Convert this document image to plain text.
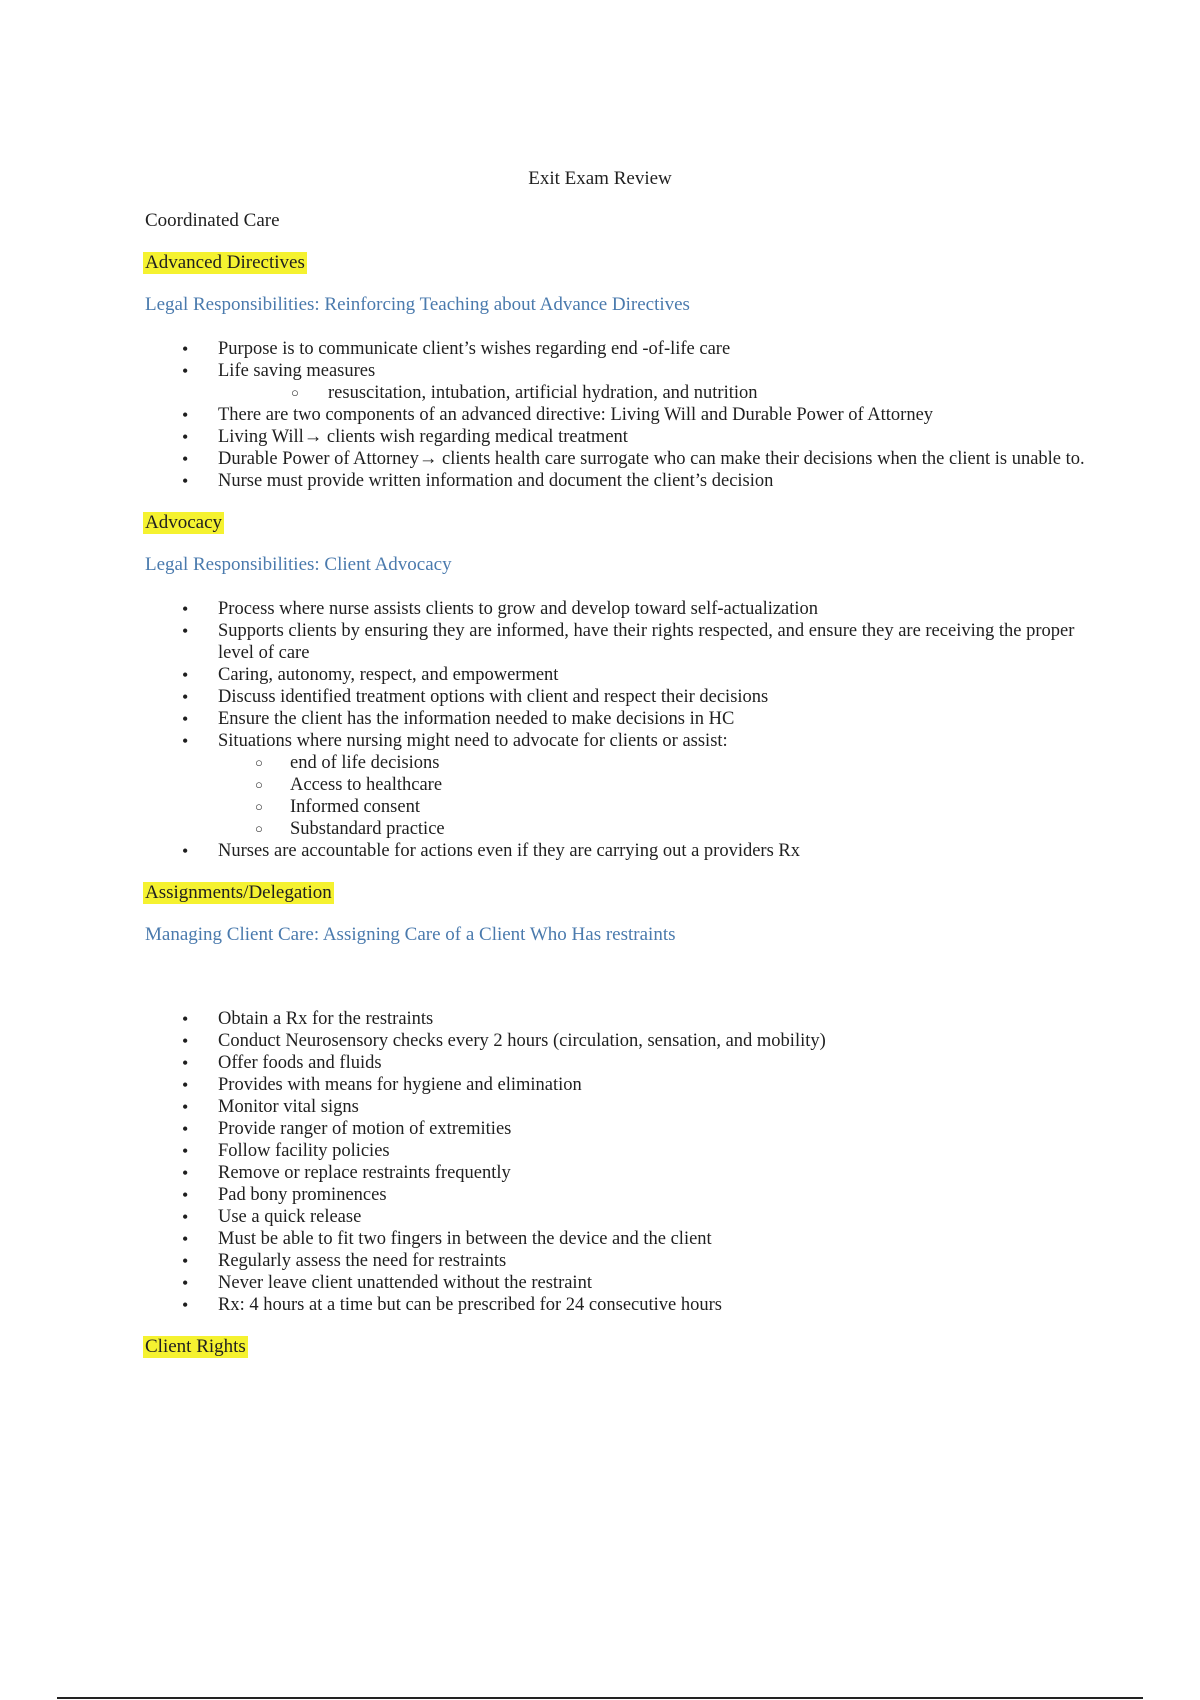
Exit Exam Review
Coordinated Care
Advanced Directives
Legal Responsibilities: Reinforcing Teaching about Advance Directives
• Purpose is to communicate client’s wishes regarding end -of-life care
• Life saving measures
○ resuscitation, intubation, artificial hydration, and nutrition
• There are two components of an advanced directive: Living Will and Durable Power of Attorney
• Living Will→ clients wish regarding medical treatment
• Durable Power of Attorney→ clients health care surrogate who can make their decisions when the client is unable to.
• Nurse must provide written information and document the client’s decision
Advocacy
Legal Responsibilities: Client Advocacy
• Process where nurse assists clients to grow and develop toward self-actualization
• Supports clients by ensuring they are informed, have their rights respected, and ensure they are receiving the proper level of care
• Caring, autonomy, respect, and empowerment
• Discuss identified treatment options with client and respect their decisions
• Ensure the client has the information needed to make decisions in HC
• Situations where nursing might need to advocate for clients or assist:
○ end of life decisions
○ Access to healthcare
○ Informed consent
○ Substandard practice
• Nurses are accountable for actions even if they are carrying out a providers Rx
Assignments/Delegation
Managing Client Care: Assigning Care of a Client Who Has restraints
• Obtain a Rx for the restraints
• Conduct Neurosensory checks every 2 hours (circulation, sensation, and mobility)
• Offer foods and fluids
• Provides with means for hygiene and elimination
• Monitor vital signs
• Provide ranger of motion of extremities
• Follow facility policies
• Remove or replace restraints frequently
• Pad bony prominences
• Use a quick release
• Must be able to fit two fingers in between the device and the client
• Regularly assess the need for restraints
• Never leave client unattended without the restraint
• Rx: 4 hours at a time but can be prescribed for 24 consecutive hours
Client Rights
